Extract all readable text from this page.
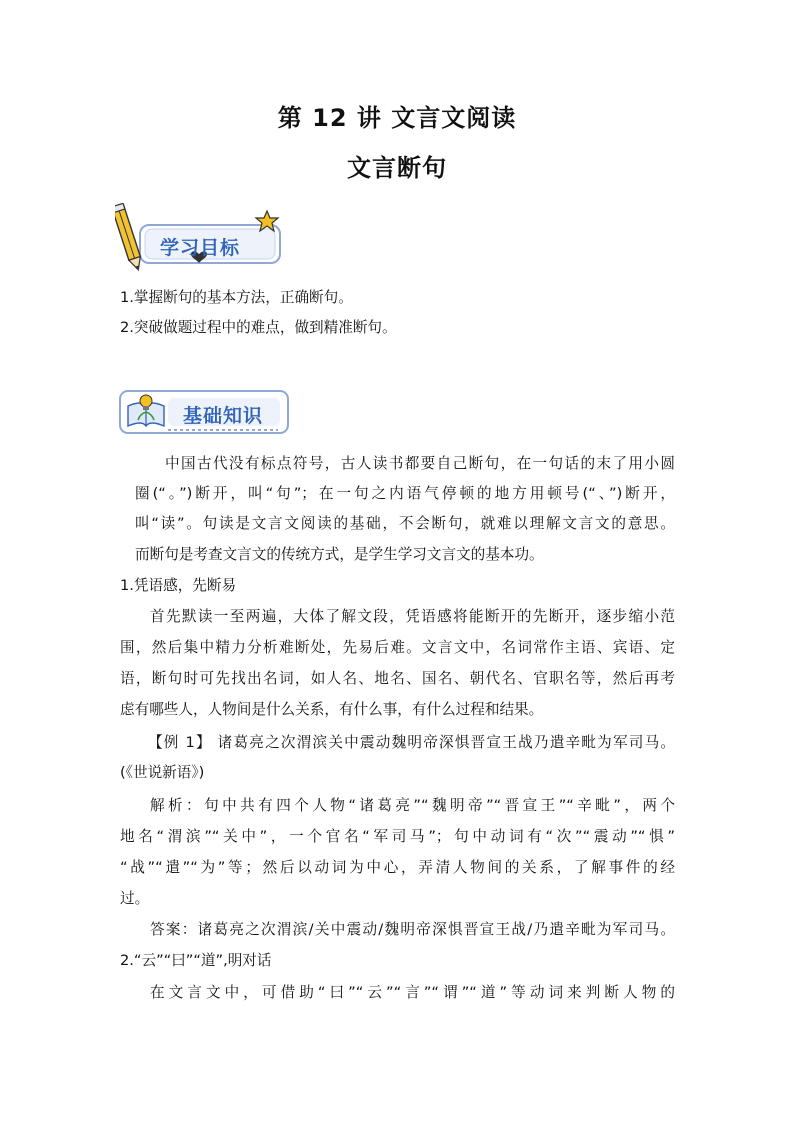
第 12 讲 文言文阅读
文言断句
学习目标
1.掌握断句的基本方法，正确断句。
2.突破做题过程中的难点，做到精准断句。
基础知识
中国古代没有标点符号，古人读书都要自己断句，在一句话的末了用小圆
圈(“。”)断开，叫“句”；在一句之内语气停顿的地方用顿号(“、”)断开，
叫“读”。句读是文言文阅读的基础，不会断句，就难以理解文言文的意思。
而断句是考查文言文的传统方式，是学生学习文言文的基本功。
1.凭语感，先断易
首先默读一至两遍，大体了解文段，凭语感将能断开的先断开，逐步缩小范
围，然后集中精力分析难断处，先易后难。文言文中，名词常作主语、宾语、定
语，断句时可先找出名词，如人名、地名、国名、朝代名、官职名等，然后再考
虑有哪些人，人物间是什么关系，有什么事，有什么过程和结果。
【例 1】 诸葛亮之次渭滨关中震动魏明帝深惧晋宣王战乃遣辛毗为军司马。
(《世说新语》)
解析：句中共有四个人物“诸葛亮”“魏明帝”“晋宣王”“辛毗”，两个
地名“渭滨”“关中”，一个官名“军司马”；句中动词有“次”“震动”“惧”
“战”“遣”“为”等；然后以动词为中心，弄清人物间的关系，了解事件的经
过。
答案：诸葛亮之次渭滨/关中震动/魏明帝深惧晋宣王战/乃遣辛毗为军司马。
2.“云”“曰”“道”,明对话
在文言文中，可借助“曰”“云”“言”“谓”“道”等动词来判断人物的
